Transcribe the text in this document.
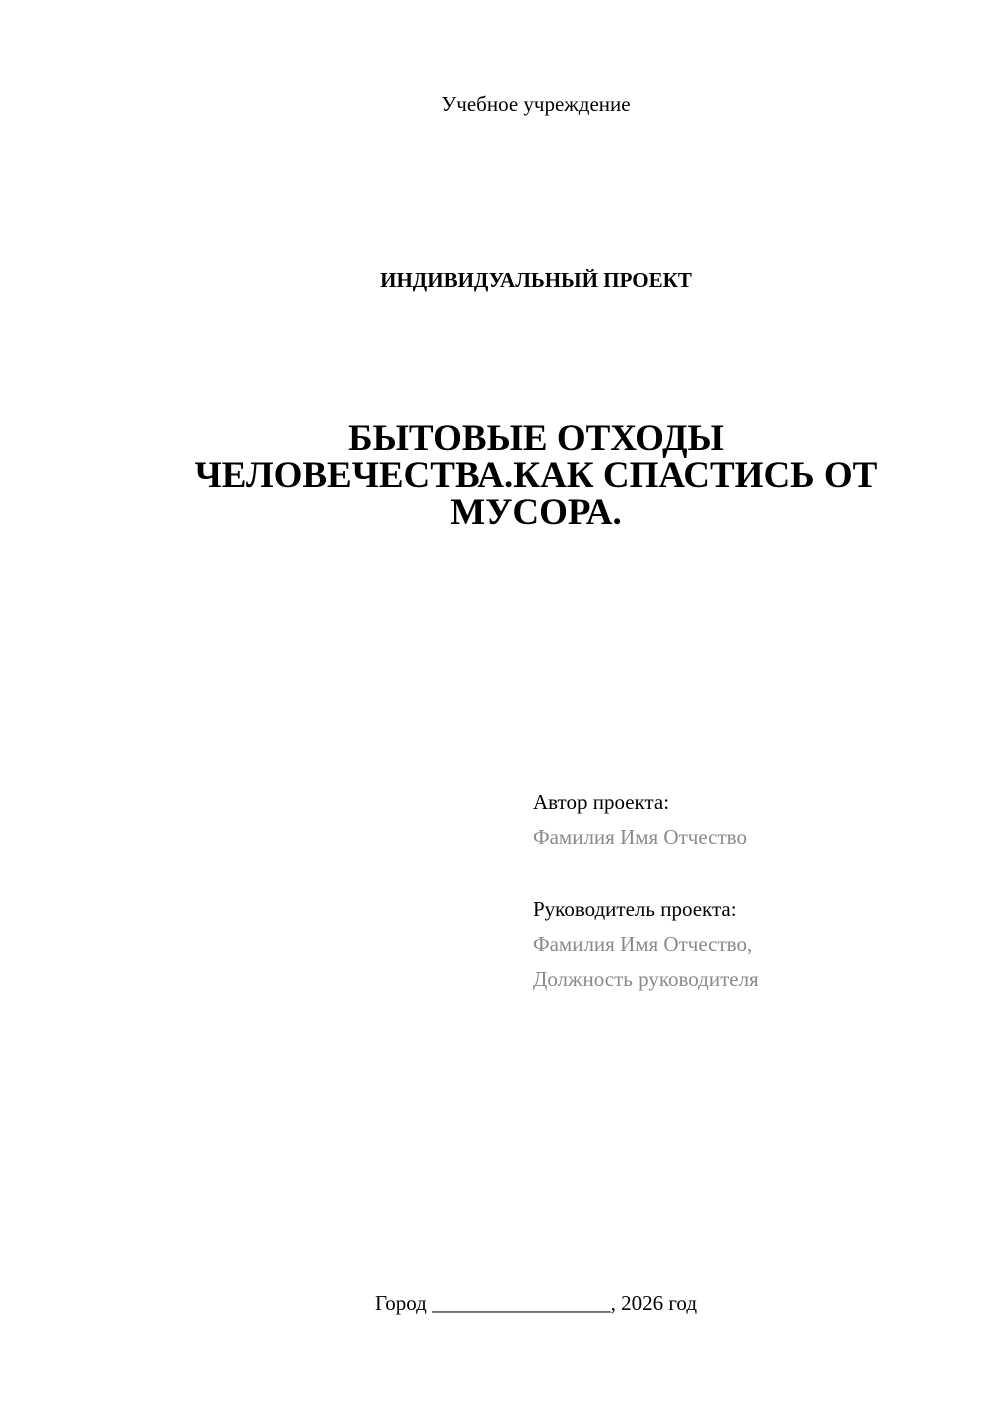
Учебное учреждение
ИНДИВИДУАЛЬНЫЙ ПРОЕКТ
БЫТОВЫЕ ОТХОДЫ
ЧЕЛОВЕЧЕСТВА.КАК СПАСТИСЬ ОТ
МУСОРА.
Автор проекта:
Фамилия Имя Отчество
Руководитель проекта:
Фамилия Имя Отчество,
Должность руководителя
Город _________________, 2026 год
